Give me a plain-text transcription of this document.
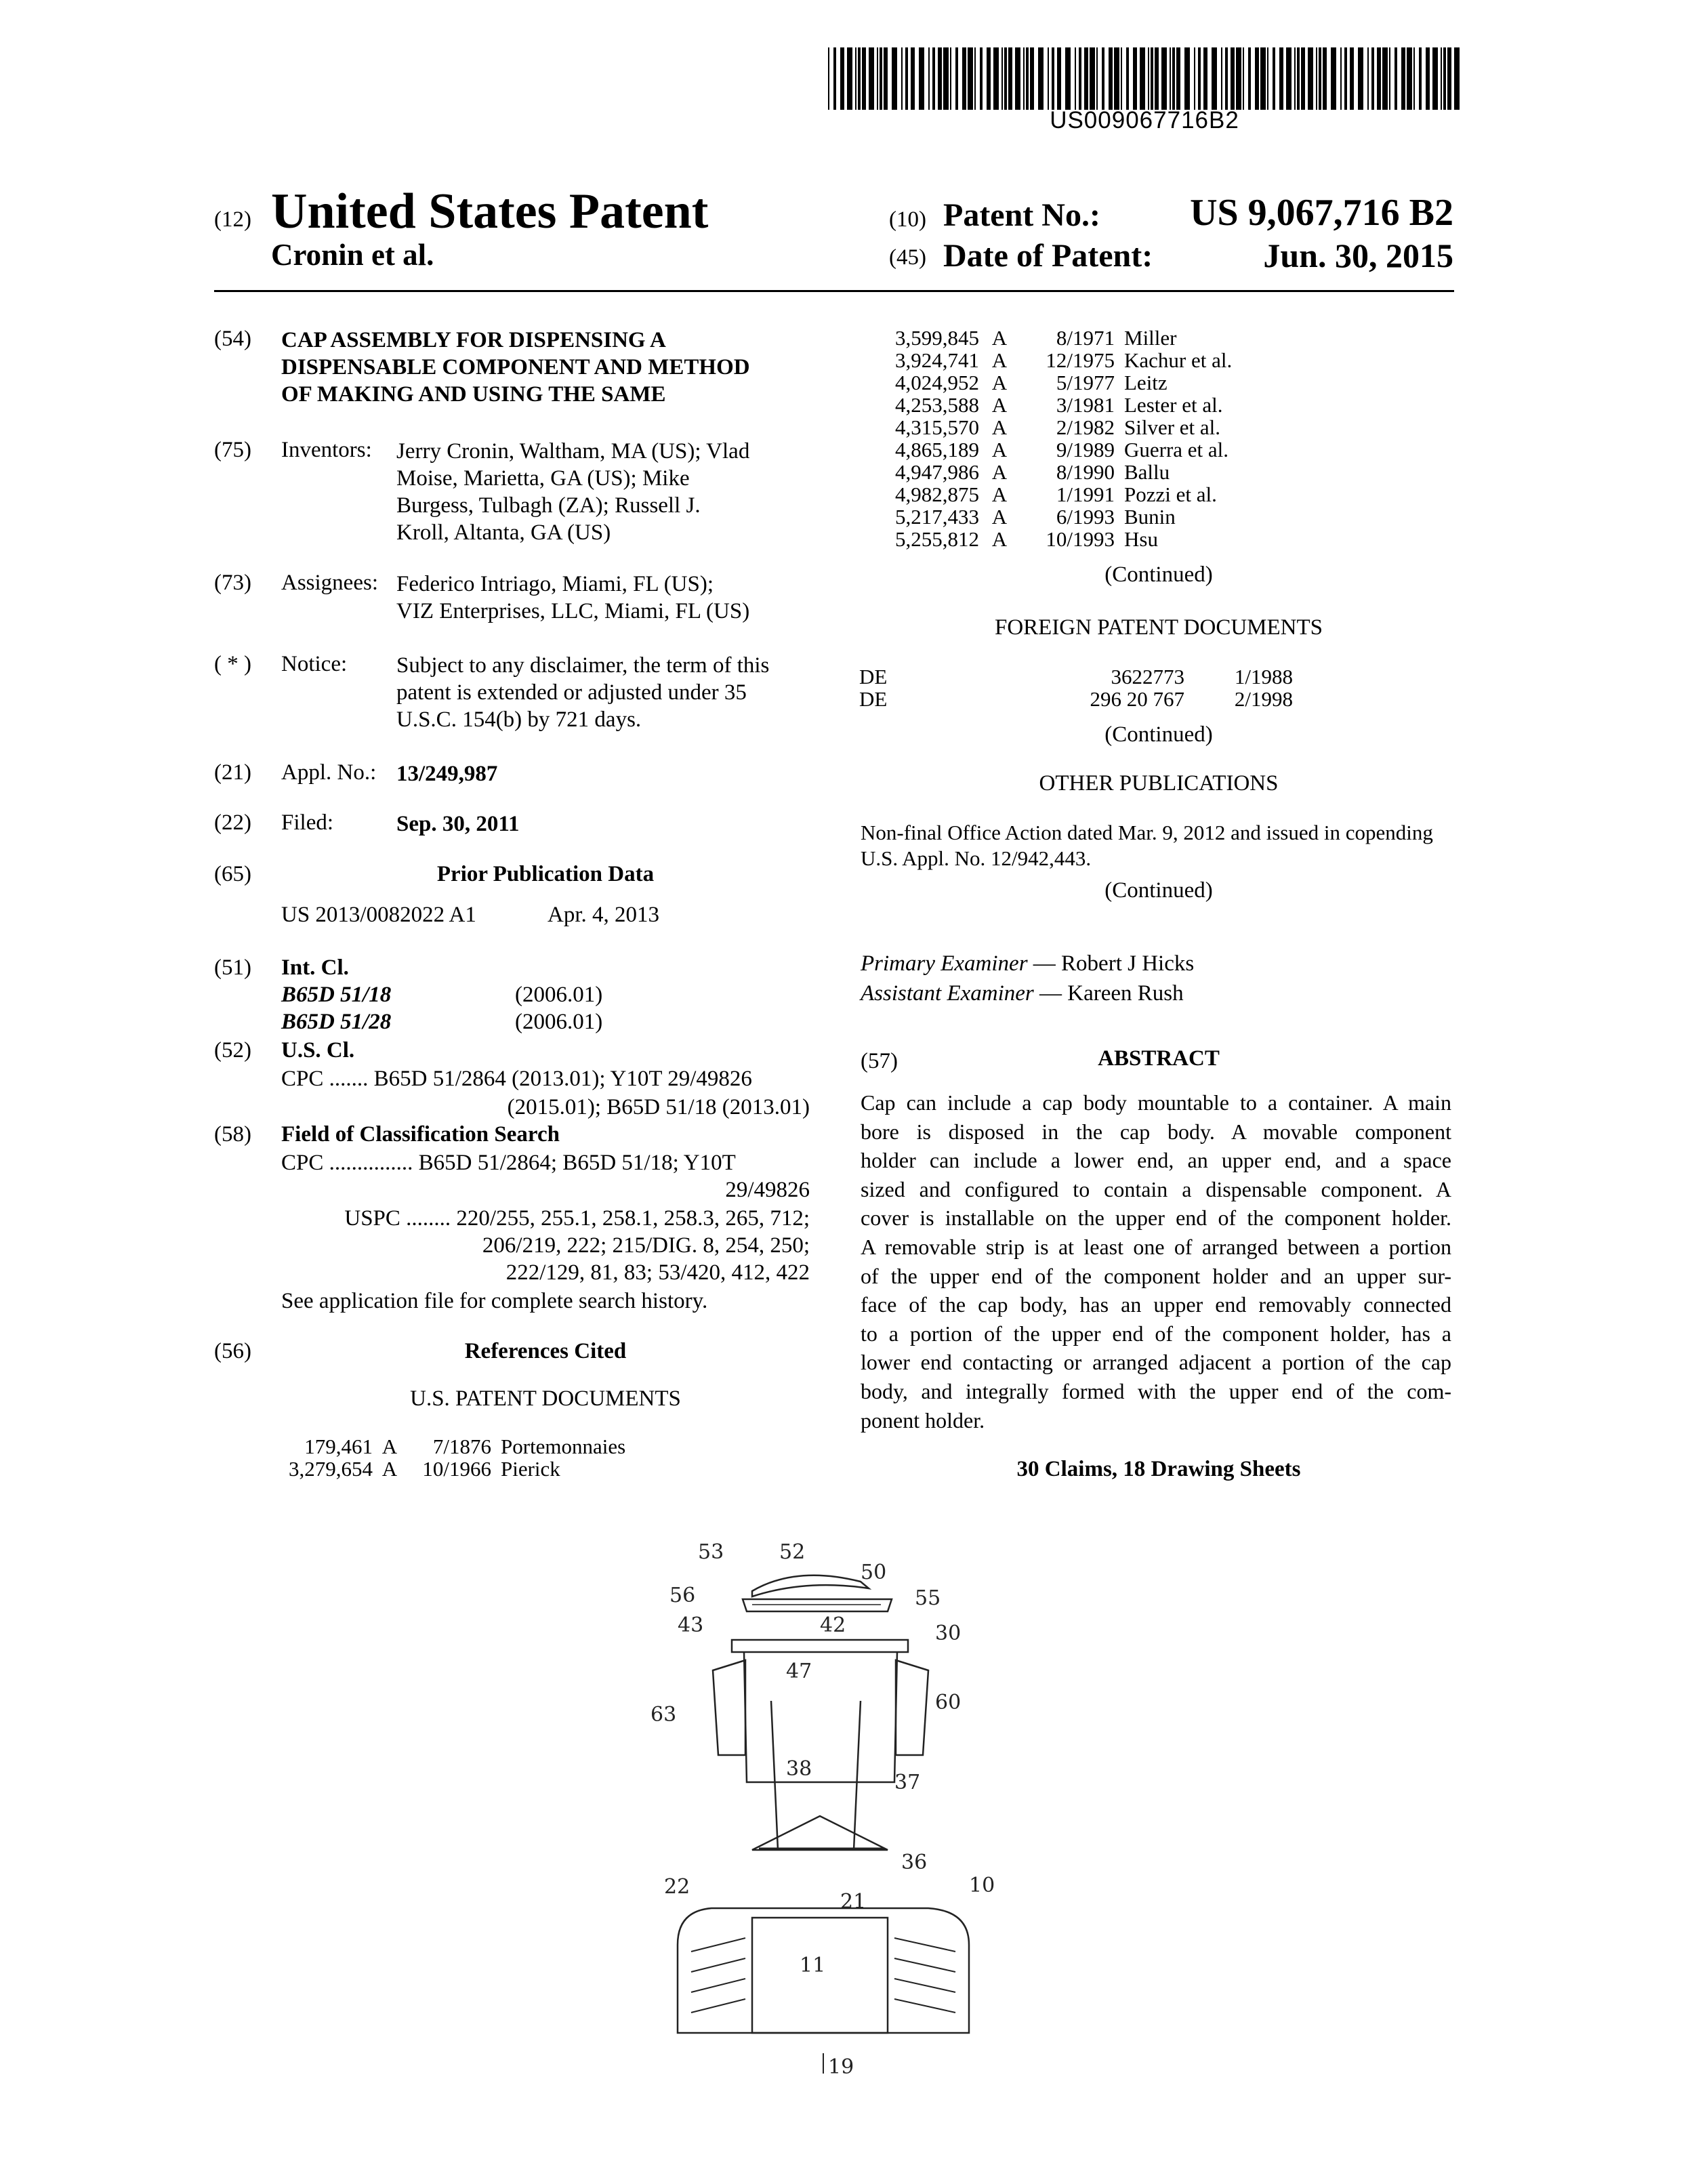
US009067716B2
(12) United States Patent
Cronin et al.
(10) Patent No.: US 9,067,716 B2
(45) Date of Patent:	Jun. 30, 2015
(54) CAP ASSEMBLY FOR DISPENSING A
DISPENSABLE COMPONENT AND METHOD
OF MAKING AND USING THE SAME
(75) Inventors: Jerry Cronin, Waltham, MA (US); Vlad
Moise, Marietta, GA (US); Mike
Burgess, Tulbagh (ZA); Russell J.
Kroll, Altanta, GA (US)
(73) Assignees: Federico Intriago, Miami, FL (US);
VIZ Enterprises, LLC, Miami, FL (US)
( * ) Notice: Subject to any disclaimer, the term of this
patent is extended or adjusted under 35
U.S.C. 154(b) by 721 days.
(21) Appl. No.: 13/249,987
(22) Filed:	Sep. 30, 2011
(65)	Prior Publication Data
US 2013/0082022 A1	Apr. 4, 2013
(51) Int. Cl.
B65D 51/18	(2006.01)
B65D 51/28	(2006.01)
(52) U.S. Cl.
CPC ....... B65D 51/2864 (2013.01); Y10T 29/49826
(2015.01); B65D 51/18 (2013.01)
(58) Field of Classification Search
CPC ............... B65D 51/2864; B65D 51/18; Y10T
29/49826
USPC ........ 220/255, 255.1, 258.1, 258.3, 265, 712;
206/219, 222; 215/DIG. 8, 254, 250;
222/129, 81, 83; 53/420, 412, 422
See application file for complete search history.
(56)	References Cited
U.S. PATENT DOCUMENTS
179,461	A	7/1876	Portemonnaies
3,279,654	A	10/1966	Pierick
3,599,845	A	8/1971	Miller
3,924,741	A	12/1975	Kachur et al.
4,024,952	A	5/1977	Leitz
4,253,588	A	3/1981	Lester et al.
4,315,570	A	2/1982	Silver et al.
4,865,189	A	9/1989	Guerra et al.
4,947,986	A	8/1990	Ballu
4,982,875	A	1/1991	Pozzi et al.
5,217,433	A	6/1993	Bunin
5,255,812	A	10/1993	Hsu
(Continued)
FOREIGN PATENT DOCUMENTS
DE	3622773 1/1988
DE	296 20 767 2/1998
(Continued)
OTHER PUBLICATIONS
Non-final Office Action dated Mar. 9, 2012 and issued in copending
U.S. Appl. No. 12/942,443.
(Continued)
Primary Examiner — Robert J Hicks
Assistant Examiner — Kareen Rush
(57)	ABSTRACT
Cap can include a cap body mountable to a container. A main
bore is disposed in the cap body. A movable component
holder can include a lower end, an upper end, and a space
sized and configured to contain a dispensable component. A
cover is installable on the upper end of the component holder.
A removable strip is at least one of arranged between a portion
of the upper end of the component holder and an upper sur-
face of the cap body, has an upper end removably connected
to a portion of the upper end of the component holder, has a
lower end contacting or arranged adjacent a portion of the cap
body, and integrally formed with the upper end of the com-
ponent holder.
30 Claims, 18 Drawing Sheets
53	52
50
56	55
43	42	30
47
63
60
38
37
36
22
21
10
11
19
